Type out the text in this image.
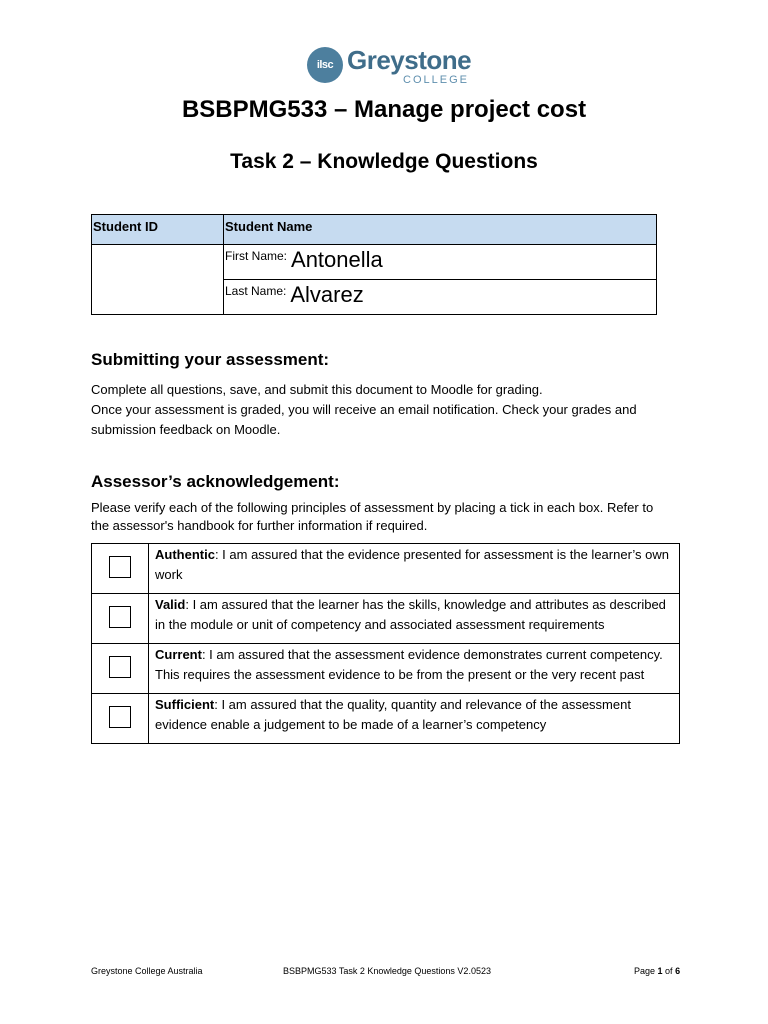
ilsc Greystone
COLLEGE
BSBPMG533 – Manage project cost
Task 2 – Knowledge Questions
Student ID	Student Name

	First Name: Antonella
	Last Name: Alvarez
Submitting your assessment:
Complete all questions, save, and submit this document to Moodle for grading.
Once your assessment is graded, you will receive an email notification. Check your grades and submission feedback on Moodle.
Assessor’s acknowledgement:
Please verify each of the following principles of assessment by placing a tick in each box. Refer to the assessor's handbook for further information if required.
	Authentic: I am assured that the evidence presented for assessment is the learner’s own work
	Valid: I am assured that the learner has the skills, knowledge and attributes as described in the module or unit of competency and associated assessment requirements
	Current: I am assured that the assessment evidence demonstrates current competency. This requires the assessment evidence to be from the present or the very recent past
	Sufficient: I am assured that the quality, quantity and relevance of the assessment evidence enable a judgement to be made of a learner’s competency
Greystone College Australia	BSBPMG533 Task 2 Knowledge Questions V2.0523	Page 1 of 6
